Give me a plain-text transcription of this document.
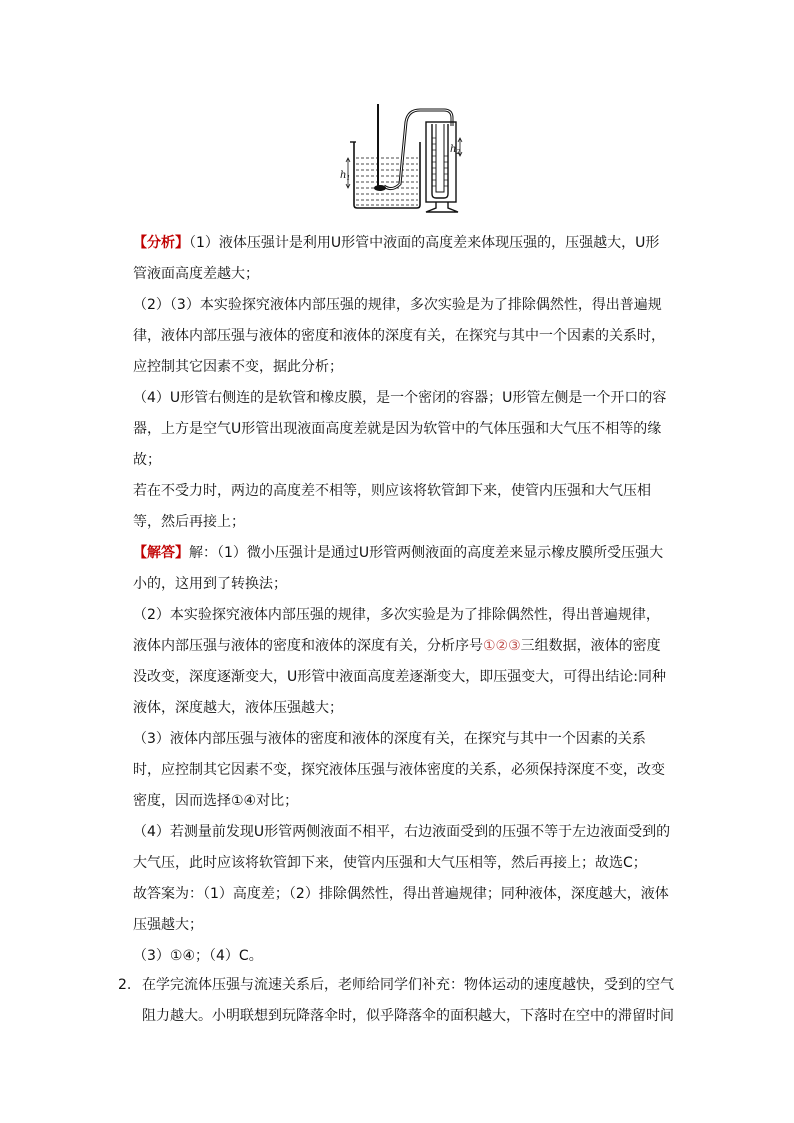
$h_1$
$h_2$

【分析】（1）液体压强计是利用U形管中液面的高度差来体现压强的，压强越大，U形管液面高度差越大；

（2）（3）本实验探究液体内部压强的规律，多次实验是为了排除偶然性，得出普遍规律，液体内部压强与液体的密度和液体的深度有关，在探究与其中一个因素的关系时，应控制其它因素不变，据此分析；

（4）U形管右侧连的是软管和橡皮膜，是一个密闭的容器；U形管左侧是一个开口的容器，上方是空气U形管出现液面高度差就是因为软管中的气体压强和大气压不相等的缘故；

若在不受力时，两边的高度差不相等，则应该将软管卸下来，使管内压强和大气压相等，然后再接上；

【解答】解：（1）微小压强计是通过U形管两侧液面的高度差来显示橡皮膜所受压强大小的，这用到了转换法；

（2）本实验探究液体内部压强的规律，多次实验是为了排除偶然性，得出普遍规律，液体内部压强与液体的密度和液体的深度有关，分析序号①②③三组数据，液体的密度没改变，深度逐渐变大，U形管中液面高度差逐渐变大，即压强变大，可得出结论:同种液体，深度越大，液体压强越大；

（3）液体内部压强与液体的密度和液体的深度有关，在探究与其中一个因素的关系时，应控制其它因素不变，探究液体压强与液体密度的关系，必须保持深度不变，改变密度，因而选择①④对比；

（4）若测量前发现U形管两侧液面不相平，右边液面受到的压强不等于左边液面受到的大气压，此时应该将软管卸下来，使管内压强和大气压相等，然后再接上；故选C；

故答案为：（1）高度差；（2）排除偶然性，得出普遍规律；同种液体，深度越大，液体压强越大；

（3）①④；（4）C。

2. 在学完流体压强与流速关系后，老师给同学们补充：物体运动的速度越快，受到的空气阻力越大。小明联想到玩降落伞时，似乎降落伞的面积越大，下落时在空中的滞留时间
